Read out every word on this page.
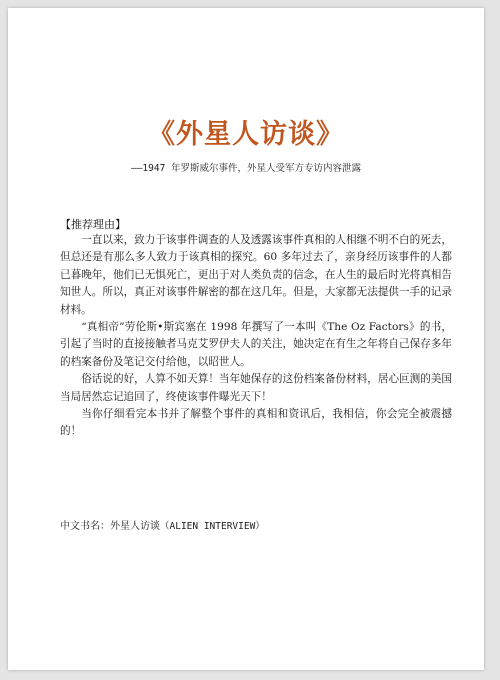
《外星人访谈》
——1947 年罗斯威尔事件，外星人受军方专访内容泄露
【推荐理由】

一直以来，致力于该事件调查的人及透露该事件真相的人相继不明不白的死去，但总还是有那么多人致力于该真相的探究。60 多年过去了，亲身经历该事件的人都已暮晚年，他们已无惧死亡，更出于对人类负责的信念，在人生的最后时光将真相告知世人。所以，真正对该事件解密的都在这几年。但是，大家都无法提供一手的记录材料。

“真相帝”劳伦斯•斯宾塞在 1998 年撰写了一本叫《The Oz Factors》的书，引起了当时的直接接触者马克艾罗伊夫人的关注，她决定在有生之年将自己保存多年的档案备份及笔记交付给他，以昭世人。

俗话说的好，人算不如天算！当年她保存的这份档案备份材料，居心叵测的美国当局居然忘记追回了，终使该事件曝光天下！

当你仔细看完本书并了解整个事件的真相和资讯后，我相信，你会完全被震撼的！

中文书名：外星人访谈（ALIEN INTERVIEW）
